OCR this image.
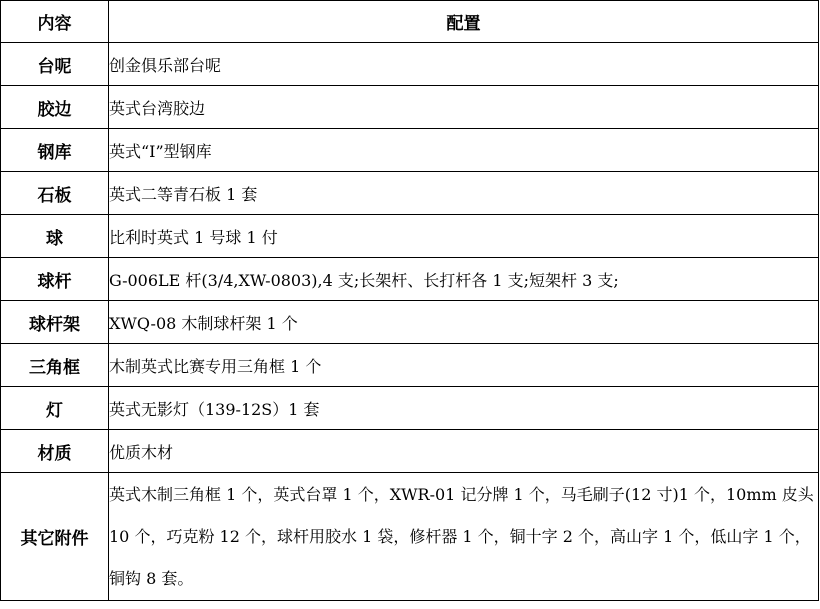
内容	配置
台呢	创金俱乐部台呢
胶边	英式台湾胶边
钢库	英式“I”型钢库
石板	英式二等青石板 1 套
球	比利时英式 1 号球 1 付
球杆	G-006LE 杆(3/4,XW-0803),4 支;长架杆、长打杆各 1 支;短架杆 3 支;
球杆架	XWQ-08 木制球杆架 1 个
三角框	木制英式比赛专用三角框 1 个
灯	英式无影灯（139-12S）1 套
材质	优质木材
其它附件	英式木制三角框 1 个，英式台罩 1 个，XWR-01 记分牌 1 个，马毛刷子(12 寸)1 个，10mm 皮头 10 个，巧克粉 12 个，球杆用胶水 1 袋，修杆器 1 个，铜十字 2 个，高山字 1 个，低山字 1 个，铜钩 8 套。
